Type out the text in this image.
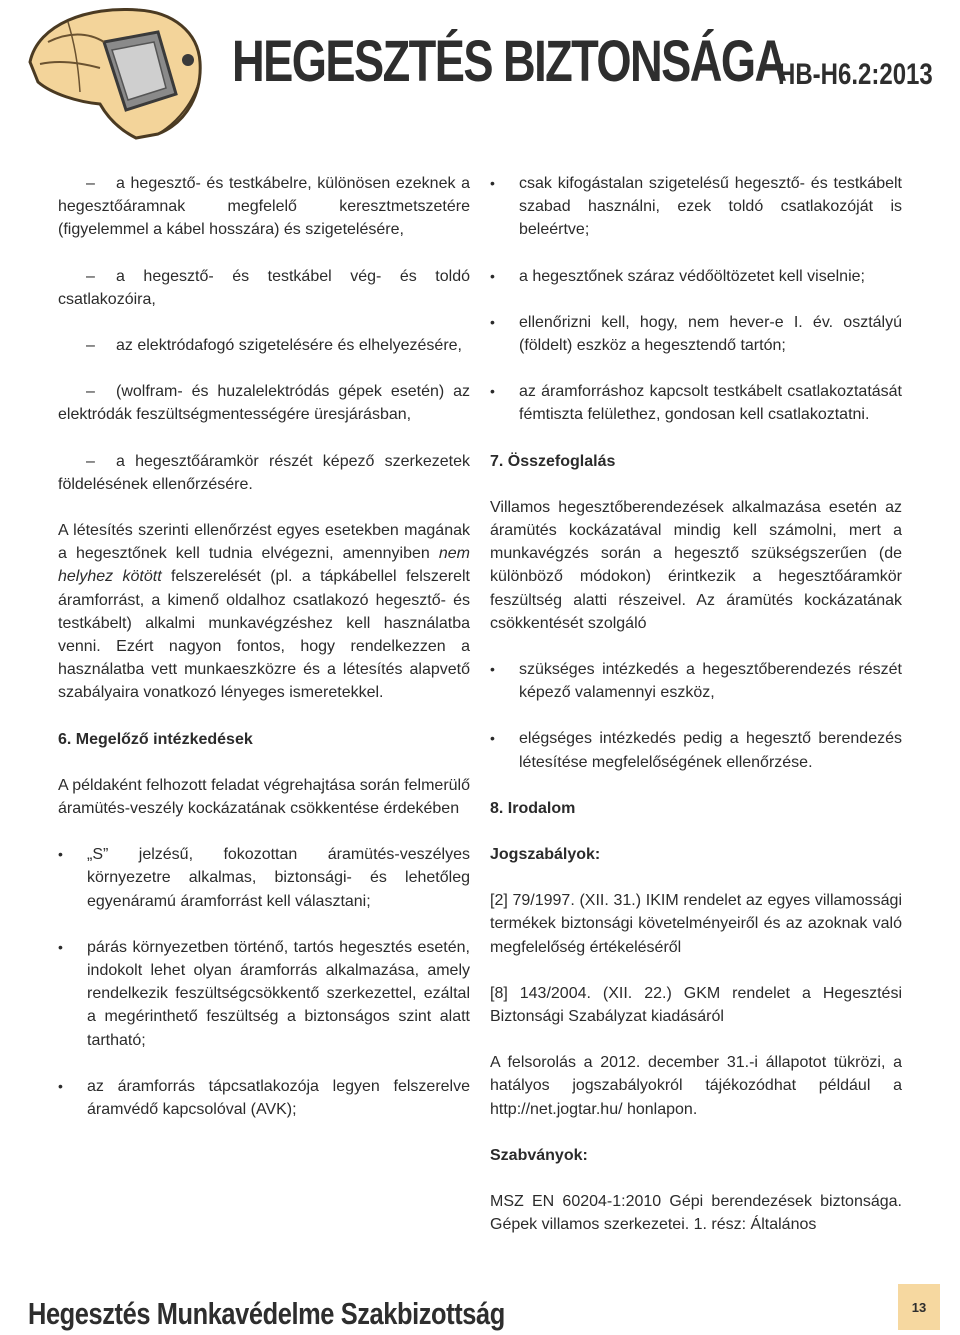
HEGESZTÉS BIZTONSÁGA
HB-H6.2:2013
–	a hegesztő- és testkábelre, különösen ezeknek a hegesztőáramnak megfelelő keresztmetszetére (figyelemmel a kábel hosszára) és szigetelésére,
–	a hegesztő- és testkábel vég- és toldó csatlakozóira,
–	az elektródafogó szigetelésére és elhelyezésére,
–	(wolfram- és huzalelektródás gépek esetén) az elektródák feszültségmentességére üresjárásban,
–	a hegesztőáramkör részét képező szerkezetek földelésének ellenőrzésére.

A létesítés szerinti ellenőrzést egyes esetekben magának a hegesztőnek kell tudnia elvégezni, amennyiben nem helyhez kötött felszerelését (pl. a tápkábellel felszerelt áramforrást, a kimenő oldalhoz csatlakozó hegesztő- és testkábelt) alkalmi munkavégzéshez kell használatba venni. Ezért nagyon fontos, hogy rendelkezzen a használatba vett munkaeszközre és a létesítés alapvető szabályaira vonatkozó lényeges ismeretekkel.

6. Megelőző intézkedések

A példaként felhozott feladat végrehajtása során felmerülő áramütés-veszély kockázatának csökkentése érdekében

• „S” jelzésű, fokozottan áramütés-veszélyes környezetre alkalmas, biztonsági- és lehetőleg egyenáramú áramforrást kell választani;
• párás környezetben történő, tartós hegesztés esetén, indokolt lehet olyan áramforrás alkalmazása, amely rendelkezik feszültségcsökkentő szerkezettel, ezáltal a megérinthető feszültség a biztonságos szint alatt tartható;
• az áramforrás tápcsatlakozója legyen felszerelve áramvédő kapcsolóval (AVK);
• csak kifogástalan szigetelésű hegesztő- és testkábelt szabad használni, ezek toldó csatlakozóját is beleértve;
• a hegesztőnek száraz védőöltözetet kell viselnie;
• ellenőrizni kell, hogy, nem hever-e I. év. osztályú (földelt) eszköz a hegesztendő tartón;
• az áramforráshoz kapcsolt testkábelt csatlakoztatását fémtiszta felülethez, gondosan kell csatlakoztatni.

7. Összefoglalás

Villamos hegesztőberendezések alkalmazása esetén az áramütés kockázatával mindig kell számolni, mert a munkavégzés során a hegesztő szükségszerűen (de különböző módokon) érintkezik a hegesztőáramkör feszültség alatti részeivel. Az áramütés kockázatának csökkentését szolgáló

• szükséges intézkedés a hegesztőberendezés részét képező valamennyi eszköz,
• elégséges intézkedés pedig a hegesztő berendezés létesítése megfelelőségének ellenőrzése.

8. Irodalom

Jogszabályok:

[2] 79/1997. (XII. 31.) IKIM rendelet az egyes villamossági termékek biztonsági követelményeiről és az azoknak való megfelelőség értékeléséről

[8] 143/2004. (XII. 22.) GKM rendelet a Hegesztési Biztonsági Szabályzat kiadásáról

A felsorolás a 2012. december 31.-i állapotot tükrözi, a hatályos jogszabályokról tájékozódhat például a http://net.jogtar.hu/ honlapon.

Szabványok:

MSZ EN 60204-1:2010 Gépi berendezések biztonsága. Gépek villamos szerkezetei. 1. rész: Általános

Hegesztés Munkavédelme Szakbizottság	13
